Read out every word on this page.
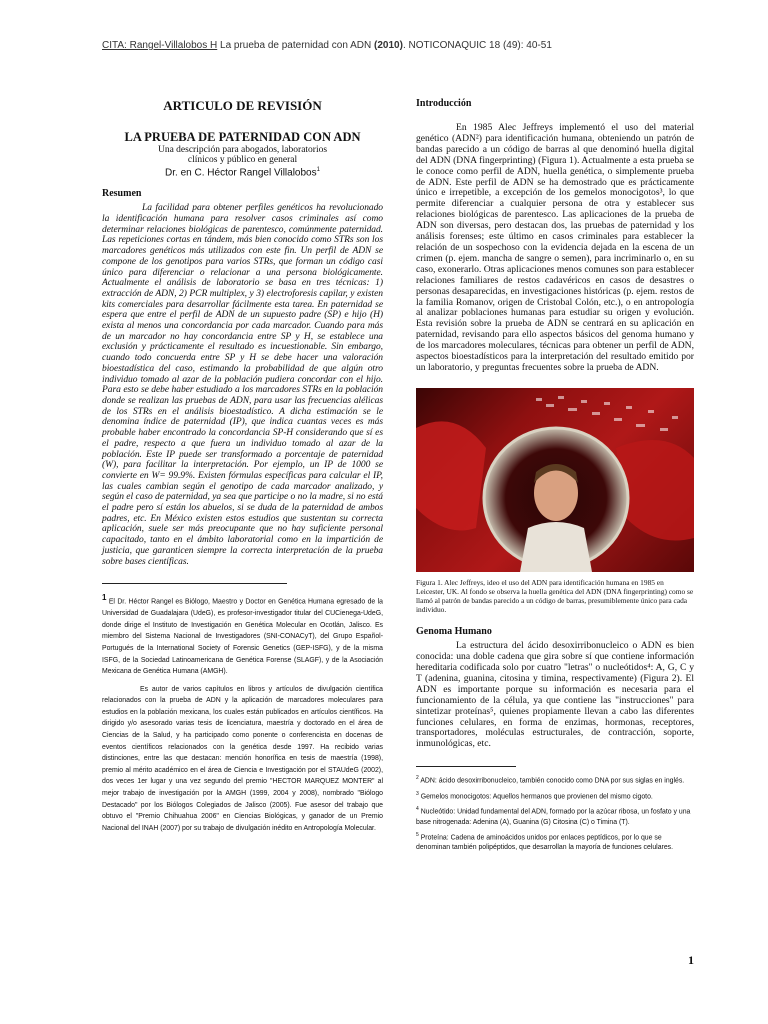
CITA: Rangel-Villalobos H La prueba de paternidad con ADN (2010). NOTICONAQUIC 18 (49): 40-51

ARTICULO DE REVISIÓN

LA PRUEBA DE PATERNIDAD CON ADN

Una descripción para abogados, laboratorios clínicos y público en general

Dr. en C. Héctor Rangel Villalobos$^1$

Resumen

La facilidad para obtener perfiles genéticos ha revolucionado la identificación humana para resolver casos criminales así como determinar relaciones biológicas de parentesco, comúnmente paternidad. Las repeticiones cortas en tándem, más bien conocido como STRs son los marcadores genéticos más utilizados con este fin. Un perfil de ADN se compone de los genotipos para varios STRs, que forman un código casi único para diferenciar o relacionar a una persona biológicamente. Actualmente el análisis de laboratorio se basa en tres técnicas: 1) extracción de ADN, 2) PCR multiplex, y 3) electroforesis capilar, y existen kits comerciales para desarrollar fácilmente esta tarea. En paternidad se espera que entre el perfil de ADN de un supuesto padre (SP) e hijo (H) exista al menos una concordancia por cada marcador. Cuando para más de un marcador no hay concordancia entre SP y H, se establece una exclusión y prácticamente el resultado es incuestionable. Sin embargo, cuando todo concuerda entre SP y H se debe hacer una valoración bioestadística del caso, estimando la probabilidad de que algún otro individuo tomado al azar de la población pudiera concordar con el hijo. Para esto se debe haber estudiado a los marcadores STRs en la población donde se realizan las pruebas de ADN, para usar las frecuencias alélicas de los STRs en el análisis bioestadístico. A dicha estimación se le denomina índice de paternidad (IP), que indica cuantas veces es más probable haber encontrado la concordancia SP-H considerando que sí es el padre, respecto a que fuera un individuo tomado al azar de la población. Este IP puede ser transformado a porcentaje de paternidad (W), para facilitar la interpretación. Por ejemplo, un IP de 1000 se convierte en W= 99.9%. Existen fórmulas específicas para calcular el IP, las cuales cambian según el genotipo de cada marcador analizado, y según el caso de paternidad, ya sea que participe o no la madre, si no está el padre pero sí están los abuelos, si se duda de la paternidad de ambos padres, etc. En México existen estos estudios que sustentan su correcta aplicación, suele ser más preocupante que no hay suficiente personal capacitado, tanto en el ámbito laboratorial como en la impartición de justicia, que garanticen siempre la correcta interpretación de la prueba sobre bases científicas.

1 El Dr. Héctor Rangel es Biólogo, Maestro y Doctor en Genética Humana egresado de la Universidad de Guadalajara (UdeG), es profesor-investigador titular del CUCienega-UdeG, donde dirige el Instituto de Investigación en Genética Molecular en Ocotlán, Jalisco. Es miembro del Sistema Nacional de Investigadores (SNI-CONACyT), del Grupo Español-Portugués de la International Society of Forensic Genetics (GEP-ISFG), y de la misma ISFG, de la Sociedad Latinoamericana de Genética Forense (SLAGF), y de la Asociación Mexicana de Genética Humana (AMGH).

Es autor de varios capítulos en libros y artículos de divulgación científica relacionados con la prueba de ADN y la aplicación de marcadores moleculares para estudios en la población mexicana, los cuales están publicados en artículos científicos. Ha dirigido y/o asesorado varias tesis de licenciatura, maestría y doctorado en el área de Ciencias de la Salud, y ha participado como ponente o conferencista en docenas de eventos científicos relacionados con la genética desde 1997. Ha recibido varias distinciones, entre las que destacan: mención honorífica en tesis de maestría (1998), premio al mérito académico en el área de Ciencia e Investigación por el STAUdeG (2002), dos veces 1er lugar y una vez segundo del premio "HECTOR MARQUEZ MONTER" al mejor trabajo de investigación por la AMGH (1999, 2004 y 2008), nombrado "Biólogo Destacado" por los Biólogos Colegiados de Jalisco (2005). Fue asesor del trabajo que obtuvo el "Premio Chihuahua 2006" en Ciencias Biológicas, y ganador de un Premio Nacional del INAH (2007) por su trabajo de divulgación inédito en Antropología Molecular.

Introducción

En 1985 Alec Jeffreys implementó el uso del material genético (ADN²) para identificación humana, obteniendo un patrón de bandas parecido a un código de barras al que denominó huella digital del ADN (DNA fingerprinting) (Figura 1). Actualmente a esta prueba se le conoce como perfil de ADN, huella genética, o simplemente prueba de ADN. Este perfil de ADN se ha demostrado que es prácticamente único e irrepetible, a excepción de los gemelos monocigotos³, lo que permite diferenciar a cualquier persona de otra y establecer sus relaciones biológicas de parentesco. Las aplicaciones de la prueba de ADN son diversas, pero destacan dos, las pruebas de paternidad y los análisis forenses; este último en casos criminales para establecer la relación de un sospechoso con la evidencia dejada en la escena de un crimen (p. ejem. mancha de sangre o semen), para incriminarlo o, en su caso, exonerarlo. Otras aplicaciones menos comunes son para establecer relaciones familiares de restos cadavéricos en casos de desastres o personas desaparecidas, en investigaciones históricas (p. ejem. restos de la familia Romanov, origen de Cristobal Colón, etc.), o en antropología al analizar poblaciones humanas para estudiar su origen y evolución. Esta revisión sobre la prueba de ADN se centrará en su aplicación en paternidad, revisando para ello aspectos básicos del genoma humano y de los marcadores moleculares, técnicas para obtener un perfil de ADN, aspectos bioestadísticos para la interpretación del resultado emitido por un laboratorio, y preguntas frecuentes sobre la prueba de ADN.

Figura 1. Alec Jeffreys, ideo el uso del ADN para identificación humana en 1985 en Leicester, UK. Al fondo se observa la huella genética del ADN (DNA fingerprinting) como se llamó al patrón de bandas parecido a un código de barras, presumiblemente único para cada individuo.

Genoma Humano

La estructura del ácido desoxirribonucleico o ADN es bien conocida: una doble cadena que gira sobre sí que contiene información hereditaria codificada solo por cuatro "letras" o nucleótidos⁴: A, G, C y T (adenina, guanina, citosina y timina, respectivamente) (Figura 2). El ADN es importante porque su información es necesaria para el funcionamiento de la célula, ya que contiene las "instrucciones" para sintetizar proteínas⁵, quienes propiamente llevan a cabo las diferentes funciones celulares, en forma de enzimas, hormonas, receptores, transportadores, moléculas estructurales, de contracción, soporte, inmunológicas, etc.

$^2$ ADN: ácido desoxirribonucleico, también conocido como DNA por sus siglas en inglés.

$^3$ Gemelos monocigotos: Aquellos hermanos que provienen del mismo cigoto.

$^4$ Nucleótido: Unidad fundamental del ADN, formado por la azúcar ribosa, un fosfato y una base nitrogenada: Adenina (A), Guanina (G) Citosina (C) o Timina (T).

$^5$ Proteína: Cadena de aminoácidos unidos por enlaces peptídicos, por lo que se denominan también polipéptidos, que desarrollan la mayoría de funciones celulares.

1
